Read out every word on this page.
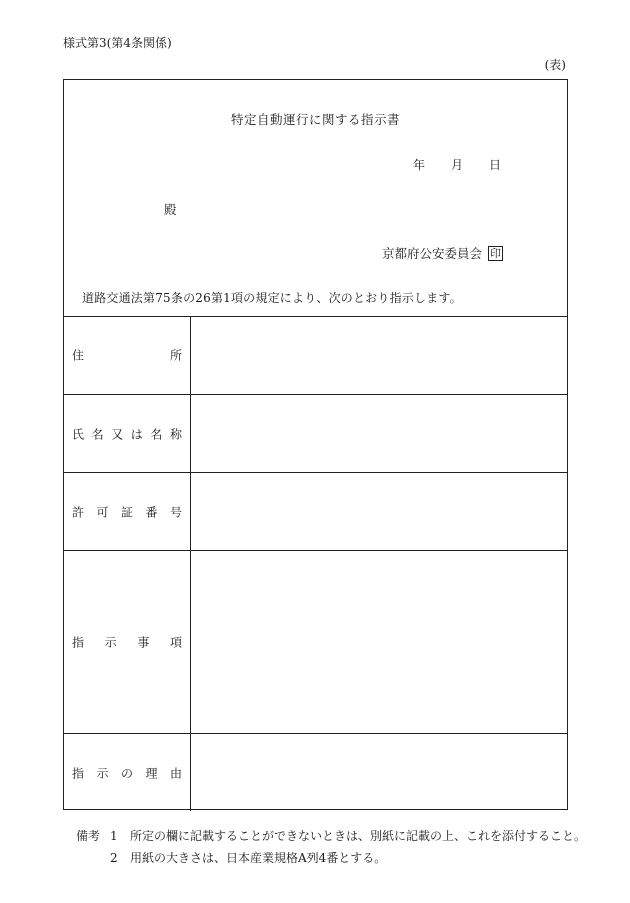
様式第3(第4条関係)
(表)
特定自動運行に関する指示書
年 月 日
殿
京都府公安委員会 印
道路交通法第75条の26第1項の規定により、次のとおり指示します。
住所
氏名又は名称
許可証番号
指示事項
指示の理由
備考 1	所定の欄に記載することができないときは、別紙に記載の上、これを添付すること。
2	用紙の大きさは、日本産業規格A列4番とする。
